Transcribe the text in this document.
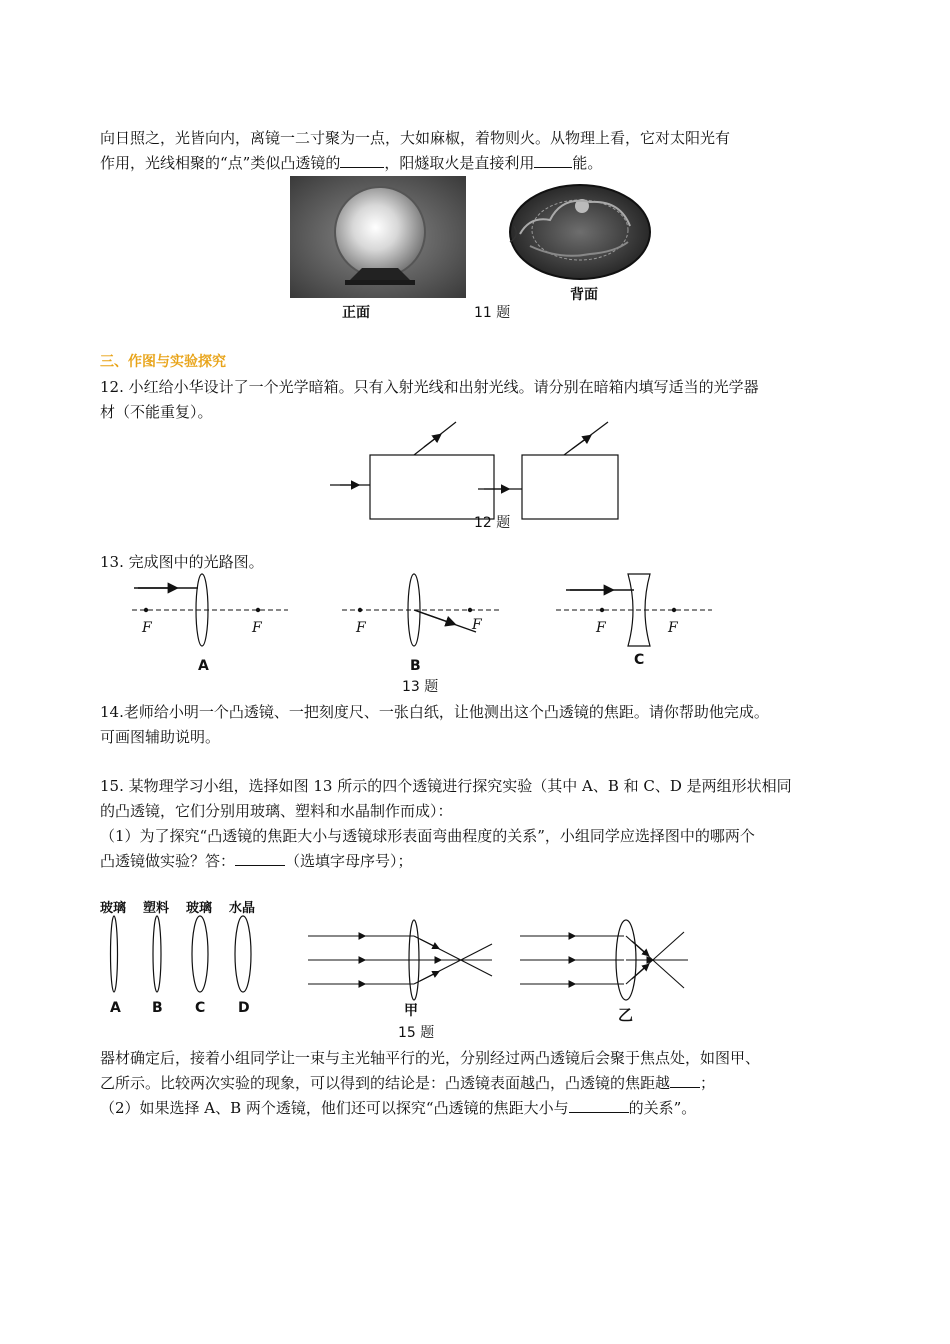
向日照之，光皆向内，离镜一二寸聚为一点，大如麻椒，着物则火。从物理上看，它对太阳光有
作用，光线相聚的“点”类似凸透镜的	，阳燧取火是直接利用	能。
正面
背面
11 题
三、作图与实验探究
12. 小红给小华设计了一个光学暗箱。只有入射光线和出射光线。请分别在暗箱内填写适当的光学器
材（不能重复）。
12 题
13. 完成图中的光路图。
F	F
A
F	F
B
F	F
C
13 题
14.老师给小明一个凸透镜、一把刻度尺、一张白纸，让他测出这个凸透镜的焦距。请你帮助他完成。
可画图辅助说明。
15. 某物理学习小组，选择如图 13 所示的四个透镜进行探究实验（其中 A、B 和 C、D 是两组形状相同
的凸透镜，它们分别用玻璃、塑料和水晶制作而成）：
（1）为了探究“凸透镜的焦距大小与透镜球形表面弯曲程度的关系”，小组同学应选择图中的哪两个
凸透镜做实验？答：	（选填字母序号）；
玻璃 塑料 玻璃 水晶
A B C D	甲	乙
15 题
器材确定后，接着小组同学让一束与主光轴平行的光，分别经过两凸透镜后会聚于焦点处，如图甲、
乙所示。比较两次实验的现象，可以得到的结论是：凸透镜表面越凸，凸透镜的焦距越 ；
（2）如果选择 A、B 两个透镜，他们还可以探究“凸透镜的焦距大小与	的关系”。
